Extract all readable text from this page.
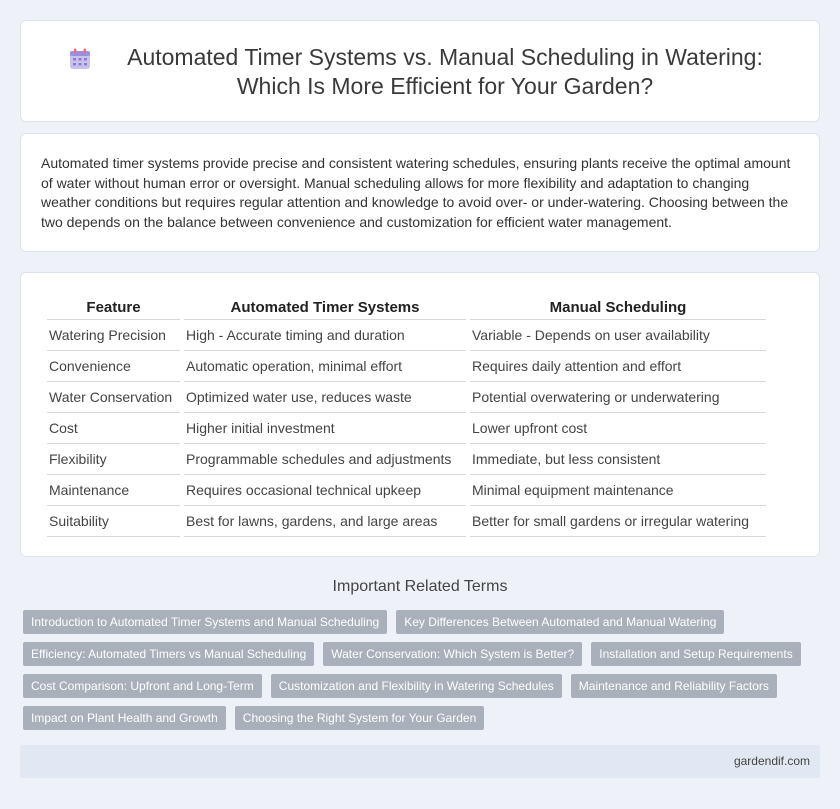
Automated Timer Systems vs. Manual Scheduling in Watering: Which Is More Efficient for Your Garden?

Automated timer systems provide precise and consistent watering schedules, ensuring plants receive the optimal amount of water without human error or oversight. Manual scheduling allows for more flexibility and adaptation to changing weather conditions but requires regular attention and knowledge to avoid over- or under-watering. Choosing between the two depends on the balance between convenience and customization for efficient water management.

Feature	Automated Timer Systems	Manual Scheduling
Watering Precision	High - Accurate timing and duration	Variable - Depends on user availability
Convenience	Automatic operation, minimal effort	Requires daily attention and effort
Water Conservation	Optimized water use, reduces waste	Potential overwatering or underwatering
Cost	Higher initial investment	Lower upfront cost
Flexibility	Programmable schedules and adjustments	Immediate, but less consistent
Maintenance	Requires occasional technical upkeep	Minimal equipment maintenance
Suitability	Best for lawns, gardens, and large areas	Better for small gardens or irregular watering
Important Related Terms
Introduction to Automated Timer Systems and Manual Scheduling	Key Differences Between Automated and Manual Watering
Efficiency: Automated Timers vs Manual Scheduling	Water Conservation: Which System is Better?	Installation and Setup Requirements
Cost Comparison: Upfront and Long-Term	Customization and Flexibility in Watering Schedules	Maintenance and Reliability Factors
Impact on Plant Health and Growth	Choosing the Right System for Your Garden
gardendif.com
